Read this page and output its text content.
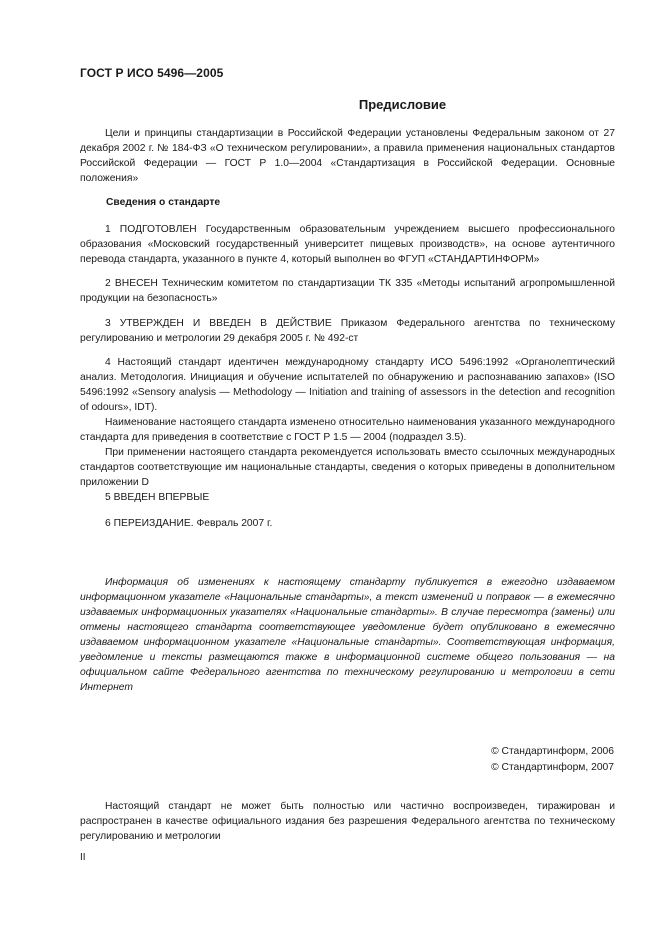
ГОСТ Р ИСО 5496—2005
Предисловие

Цели и принципы стандартизации в Российской Федерации установлены Федеральным законом от 27 декабря 2002 г. № 184-ФЗ «О техническом регулировании», а правила применения национальных стандартов Российской Федерации — ГОСТ Р 1.0—2004 «Стандартизация в Российской Федерации. Основные положения»

Сведения о стандарте

1 ПОДГОТОВЛЕН Государственным образовательным учреждением высшего профессионального образования «Московский государственный университет пищевых производств», на основе аутентичного перевода стандарта, указанного в пункте 4, который выполнен во ФГУП «СТАНДАРТИНФОРМ»

2 ВНЕСЕН Техническим комитетом по стандартизации ТК 335 «Методы испытаний агропромышленной продукции на безопасность»

3 УТВЕРЖДЕН И ВВЕДЕН В ДЕЙСТВИЕ Приказом Федерального агентства по техническому регулированию и метрологии 29 декабря 2005 г. № 492-ст

4 Настоящий стандарт идентичен международному стандарту ИСО 5496:1992 «Органолептический анализ. Методология. Инициация и обучение испытателей по обнаружению и распознаванию запахов» (ISO 5496:1992 «Sensory analysis — Methodology — Initiation and training of assessors in the detection and recognition of odours», IDT).

Наименование настоящего стандарта изменено относительно наименования указанного международного стандарта для приведения в соответствие с ГОСТ Р 1.5 — 2004 (подраздел 3.5).

При применении настоящего стандарта рекомендуется использовать вместо ссылочных международных стандартов соответствующие им национальные стандарты, сведения о которых приведены в дополнительном приложении D

5 ВВЕДЕН ВПЕРВЫЕ

6 ПЕРЕИЗДАНИЕ. Февраль 2007 г.

Информация об изменениях к настоящему стандарту публикуется в ежегодно издаваемом информационном указателе «Национальные стандарты», а текст изменений и поправок — в ежемесячно издаваемых информационных указателях «Национальные стандарты». В случае пересмотра (замены) или отмены настоящего стандарта соответствующее уведомление будет опубликовано в ежемесячно издаваемом информационном указателе «Национальные стандарты». Соответствующая информация, уведомление и тексты размещаются также в информационной системе общего пользования — на официальном сайте Федерального агентства по техническому регулированию и метрологии в сети Интернет

© Стандартинформ, 2006
© Стандартинформ, 2007

Настоящий стандарт не может быть полностью или частично воспроизведен, тиражирован и распространен в качестве официального издания без разрешения Федерального агентства по техническому регулированию и метрологии

II
